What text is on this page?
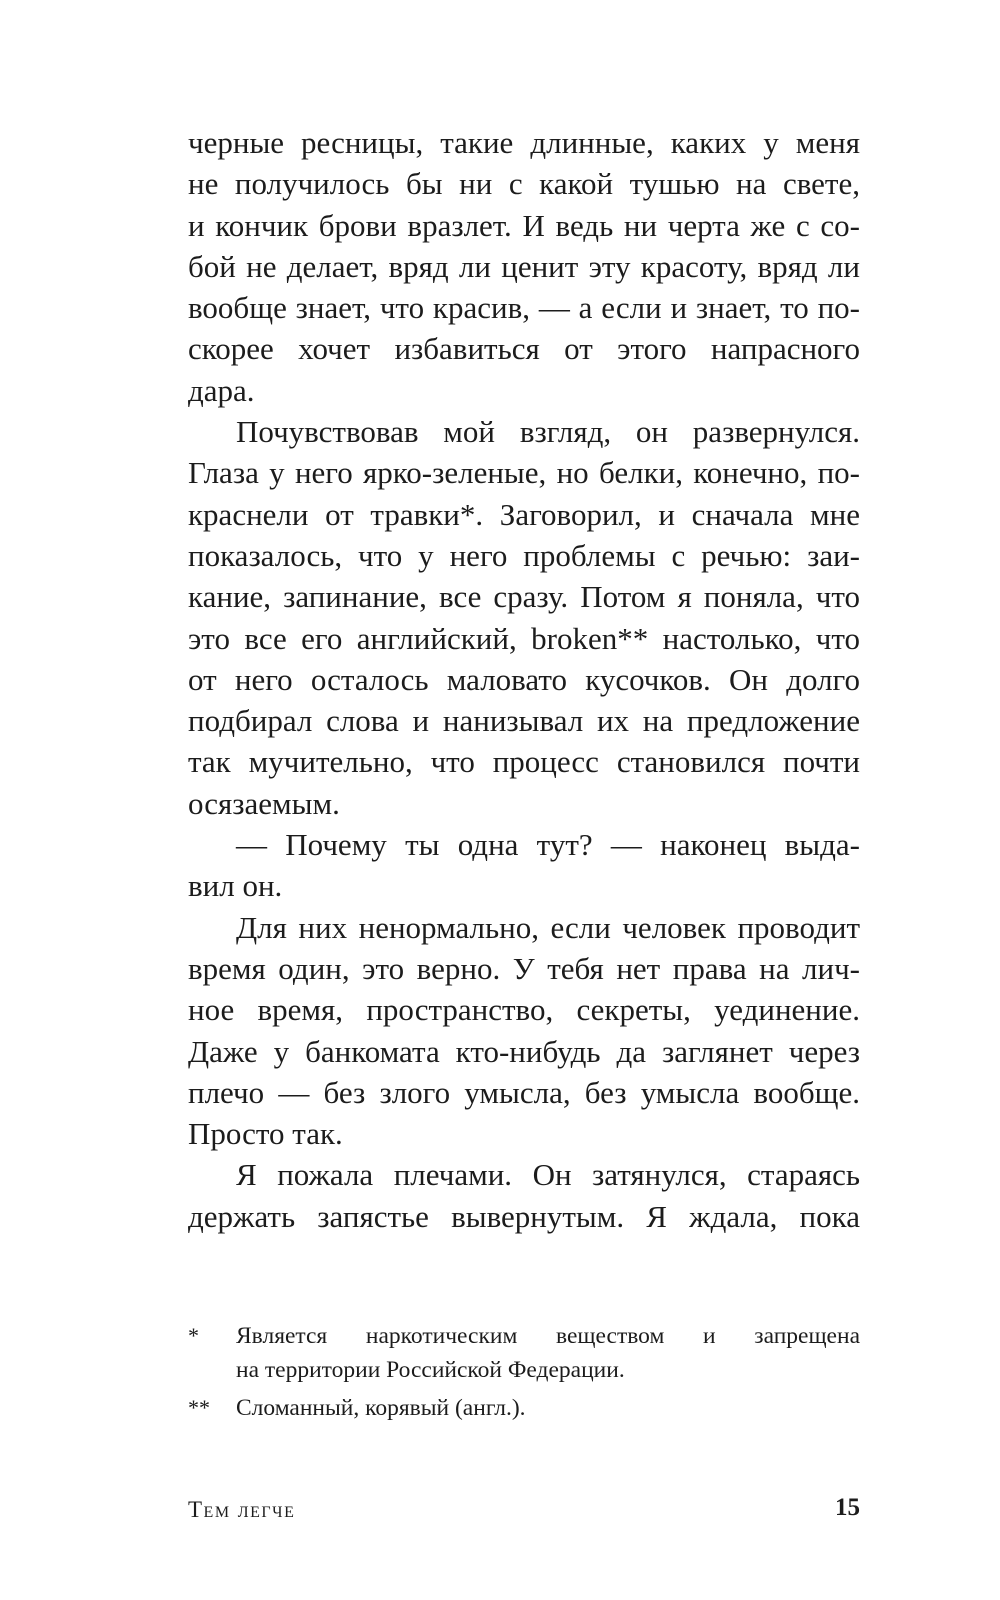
черные ресницы, такие длинные, каких у меня
не получилось бы ни с какой тушью на свете,
и кончик брови вразлет. И ведь ни черта же с со-
бой не делает, вряд ли ценит эту красоту, вряд ли
вообще знает, что красив, — а если и знает, то по-
скорее хочет избавиться от этого напрасного
дара.
Почувствовав мой взгляд, он развернулся.
Глаза у него ярко-зеленые, но белки, конечно, по-
краснели от травки*. Заговорил, и сначала мне
показалось, что у него проблемы с речью: заи-
кание, запинание, все сразу. Потом я поняла, что
это все его английский, broken** настолько, что
от него осталось маловато кусочков. Он долго
подбирал слова и нанизывал их на предложение
так мучительно, что процесс становился почти
осязаемым.
— Почему ты одна тут? — наконец выда-
вил он.
Для них ненормально, если человек проводит
время один, это верно. У тебя нет права на лич-
ное время, пространство, секреты, уединение.
Даже у банкомата кто-нибудь да заглянет через
плечо — без злого умысла, без умысла вообще.
Просто так.
Я пожала плечами. Он затянулся, стараясь
держать запястье вывернутым. Я ждала, пока
* Является наркотическим веществом и запрещена
на территории Российской Федерации.
** Сломанный, корявый (англ.).
Тем легче	15
